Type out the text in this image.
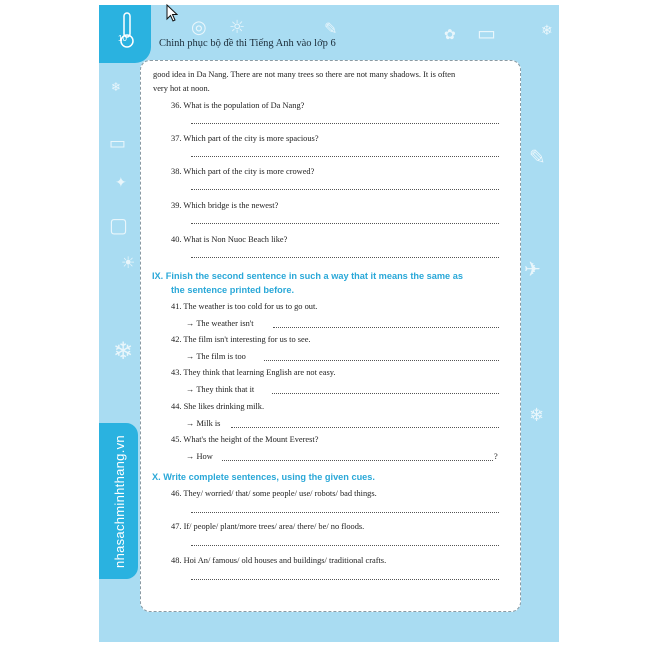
❄
❄
❄
❄
☼
☀
◎	✿ ▭
▭
✎
✎
✈
▢
✦
10	Chinh phục bộ đề thi Tiếng Anh vào lớp 6
nhasachminhthang.vn
good idea in Da Nang. There are not many trees so there are not many shadows. It is often
very hot at noon.
36. What is the population of Da Nang?
37. Which part of the city is more spacious?
38. Which part of the city is more crowed?
39. Which bridge is the newest?
40. What is Non Nuoc Beach like?
IX. Finish the second sentence in such a way that it means the same as
the sentence printed before.
41. The weather is too cold for us to go out.
→ The weather isn't
42. The film isn't interesting for us to see.
→ The film is too
43. They think that learning English are not easy.
→ They think that it
44. She likes drinking milk.
→ Milk is
45. What's the height of the Mount Everest?
→ How	?
X. Write complete sentences, using the given cues.
46. They/ worried/ that/ some people/ use/ robots/ bad things.
47. If/ people/ plant/more trees/ area/ there/ be/ no floods.
48. Hoi An/ famous/ old houses and buildings/ traditional crafts.
